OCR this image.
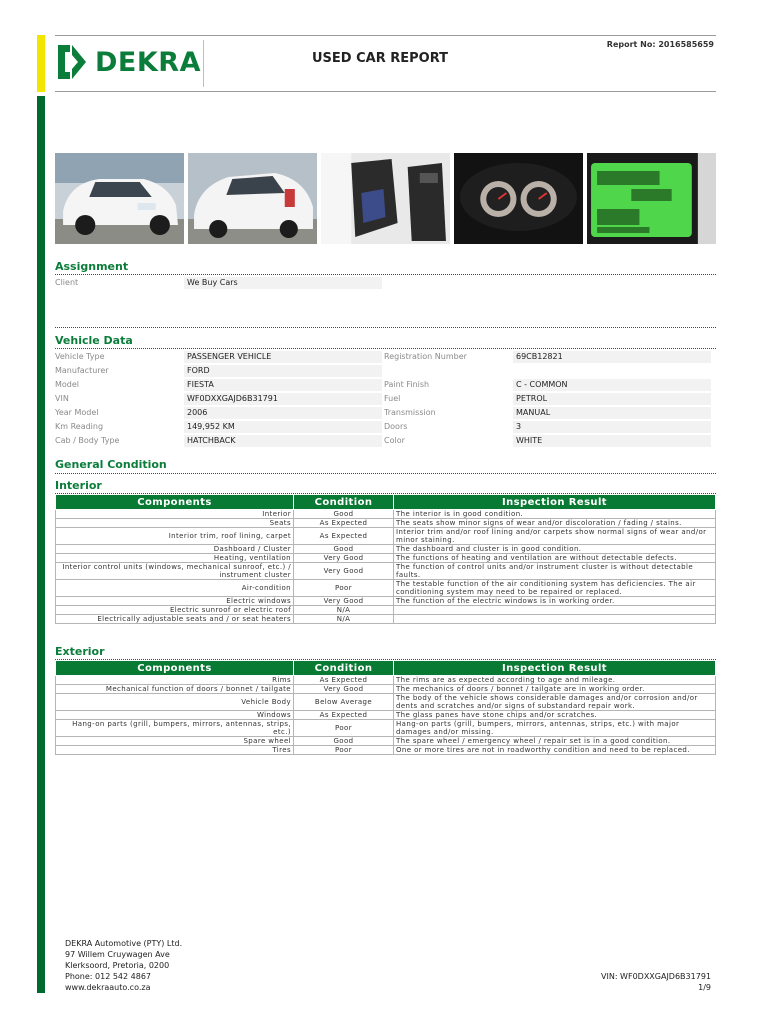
DEKRA	USED CAR REPORT
Report No: 2016585659
Assignment
Client	We Buy Cars
Vehicle Data
Vehicle Type	PASSENGER VEHICLE
Manufacturer	FORD
Model	FIESTA
VIN	WF0DXXGAJD6B31791
Year Model	2006
Km Reading	149,952 KM
Cab / Body Type	HATCHBACK
Registration Number	69CB12821
Paint Finish	C - COMMON
Fuel	PETROL
Transmission	MANUAL
Doors	3
Color	WHITE
General Condition
Interior
Components	Condition	Inspection Result
Interior	Good	The interior is in good condition.
Seats	As Expected	The seats show minor signs of wear and/or discoloration / fading / stains.
Interior trim, roof lining, carpet	As Expected	Interior trim and/or roof lining and/or carpets show normal signs of wear and/or minor staining.
Dashboard / Cluster	Good	The dashboard and cluster is in good condition.
Heating, ventilation	Very Good	The functions of heating and ventilation are without detectable defects.
Interior control units (windows, mechanical sunroof, etc.) / instrument cluster	Very Good	The function of control units and/or instrument cluster is without detectable faults.
Air-condition	Poor	The testable function of the air conditioning system has deficiencies. The air conditioning system may need to be repaired or replaced.
Electric windows	Very Good	The function of the electric windows is in working order.
Electric sunroof or electric roof	N/A	
Electrically adjustable seats and / or seat heaters	N/A	
Exterior
Components	Condition	Inspection Result
Rims	As Expected	The rims are as expected according to age and mileage.
Mechanical function of doors / bonnet / tailgate	Very Good	The mechanics of doors / bonnet / tailgate are in working order.
Vehicle Body	Below Average	The body of the vehicle shows considerable damages and/or corrosion and/or dents and scratches and/or signs of substandard repair work.
Windows	As Expected	The glass panes have stone chips and/or scratches.
Hang-on parts (grill, bumpers, mirrors, antennas, strips, etc.)	Poor	Hang-on parts (grill, bumpers, mirrors, antennas, strips, etc.) with major damages and/or missing.
Spare wheel	Good	The spare wheel / emergency wheel / repair set is in a good condition.
Tires	Poor	One or more tires are not in roadworthy condition and need to be replaced.
DEKRA Automotive (PTY) Ltd.
97 Willem Cruywagen Ave
Klerksoord, Pretoria, 0200
Phone: 012 542 4867
www.dekraauto.co.za
VIN: WF0DXXGAJD6B31791
1/9
